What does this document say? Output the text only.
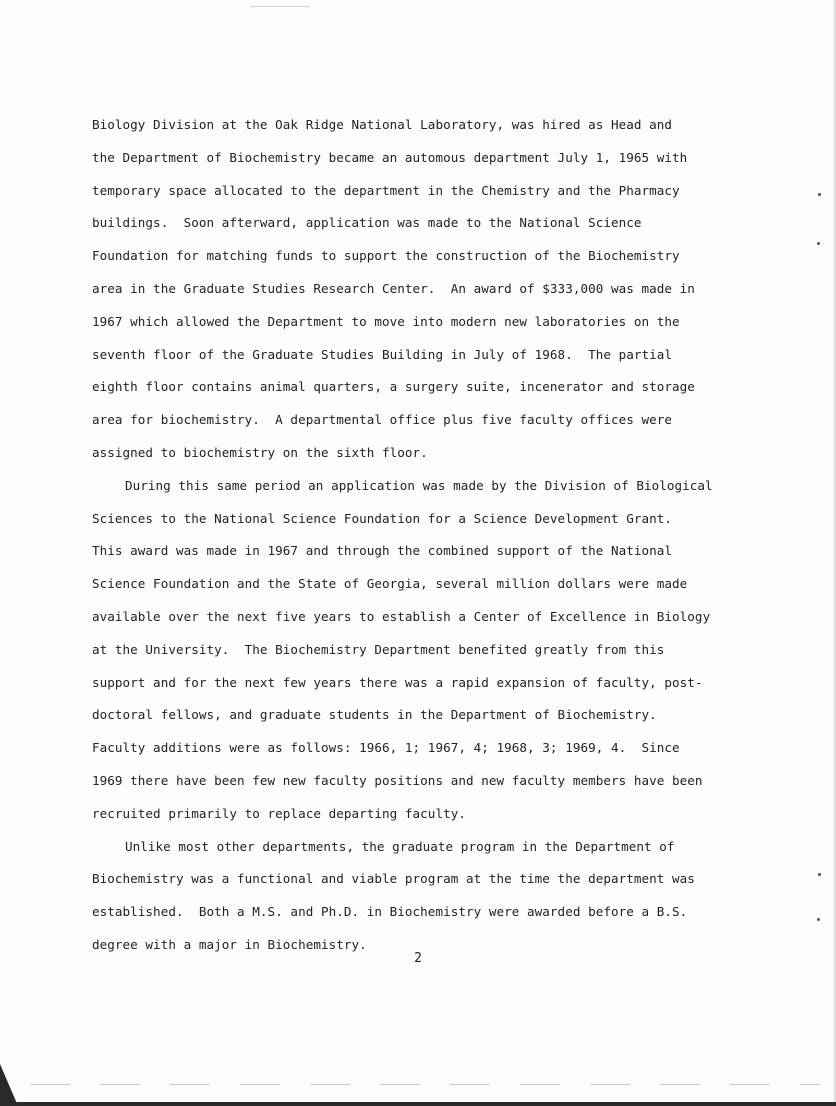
Biology Division at the Oak Ridge National Laboratory, was hired as Head and
the Department of Biochemistry became an automous department July 1, 1965 with
temporary space allocated to the department in the Chemistry and the Pharmacy
buildings.  Soon afterward, application was made to the National Science
Foundation for matching funds to support the construction of the Biochemistry
area in the Graduate Studies Research Center.  An award of $333,000 was made in
1967 which allowed the Department to move into modern new laboratories on the
seventh floor of the Graduate Studies Building in July of 1968.  The partial
eighth floor contains animal quarters, a surgery suite, incenerator and storage
area for biochemistry.  A departmental office plus five faculty offices were
assigned to biochemistry on the sixth floor.
During this same period an application was made by the Division of Biological
Sciences to the National Science Foundation for a Science Development Grant.
This award was made in 1967 and through the combined support of the National
Science Foundation and the State of Georgia, several million dollars were made
available over the next five years to establish a Center of Excellence in Biology
at the University.  The Biochemistry Department benefited greatly from this
support and for the next few years there was a rapid expansion of faculty, post-
doctoral fellows, and graduate students in the Department of Biochemistry.
Faculty additions were as follows: 1966, 1; 1967, 4; 1968, 3; 1969, 4.  Since
1969 there have been few new faculty positions and new faculty members have been
recruited primarily to replace departing faculty.
Unlike most other departments, the graduate program in the Department of
Biochemistry was a functional and viable program at the time the department was
established.  Both a M.S. and Ph.D. in Biochemistry were awarded before a B.S.
degree with a major in Biochemistry.
2
